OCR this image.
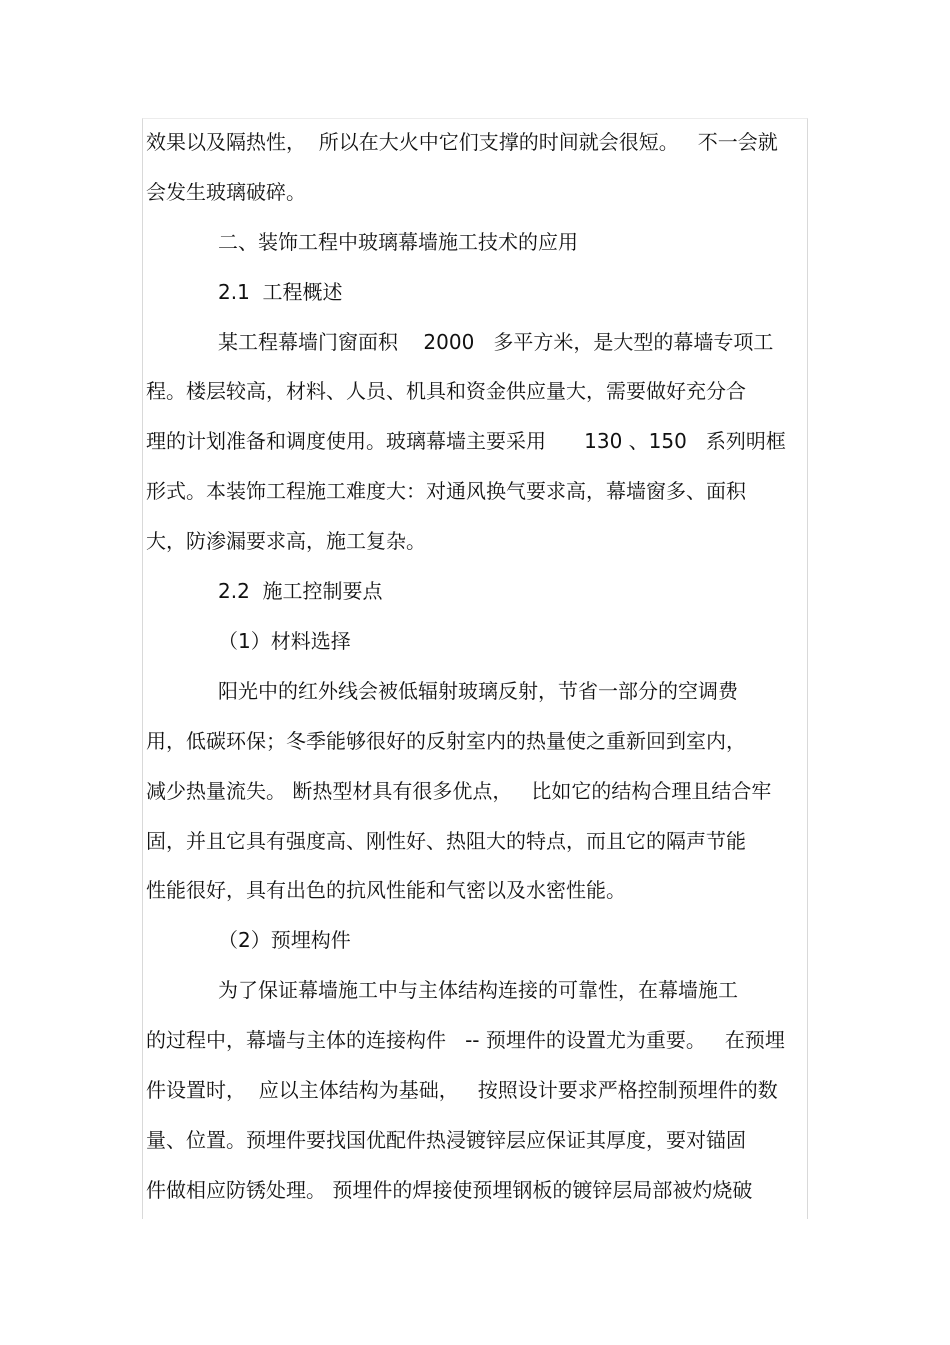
效果以及隔热性，  所以在大火中它们支撑的时间就会很短。   不一会就
会发生玻璃破碎。
二、装饰工程中玻璃幕墙施工技术的应用
2.1  工程概述
某工程幕墙门窗面积    2000   多平方米，是大型的幕墙专项工
程。楼层较高，材料、人员、机具和资金供应量大，需要做好充分合
理的计划准备和调度使用。玻璃幕墙主要采用      130 、150   系列明框
形式。本装饰工程施工难度大：对通风换气要求高，幕墙窗多、面积
大，防渗漏要求高，施工复杂。
2.2  施工控制要点
（1）材料选择
阳光中的红外线会被低辐射玻璃反射，节省一部分的空调费
用，低碳环保；冬季能够很好的反射室内的热量使之重新回到室内，
减少热量流失。 断热型材具有很多优点，   比如它的结构合理且结合牢
固，并且它具有强度高、刚性好、热阻大的特点，而且它的隔声节能
性能很好，具有出色的抗风性能和气密以及水密性能。
（2）预埋构件
为了保证幕墙施工中与主体结构连接的可靠性，在幕墙施工
的过程中，幕墙与主体的连接构件   -- 预埋件的设置尤为重要。   在预埋
件设置时，  应以主体结构为基础，   按照设计要求严格控制预埋件的数
量、位置。预埋件要找国优配件热浸镀锌层应保证其厚度，要对锚固
件做相应防锈处理。 预埋件的焊接使预埋钢板的镀锌层局部被灼烧破
